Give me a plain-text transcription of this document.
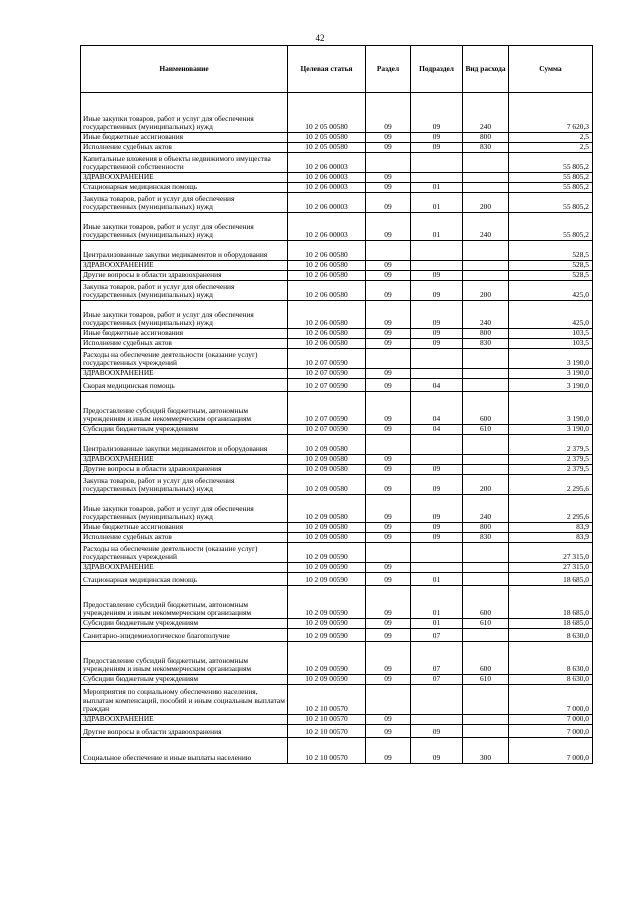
42
Наименование	Целевая статья	Раздел	Подраздел	Вид расхода	Сумма
Иные закупки товаров, работ и услуг для обеспечения государственных (муниципальных) нужд	10 2 05 00580	09	09	240	7 620,3
Иные бюджетные ассигнования	10 2 05 00580	09	09	800	2,5
Исполнение судебных актов	10 2 05 00580	09	09	830	2,5
Капитальные вложения в объекты недвижимого имущества государственной собственности	10 2 06 00003				55 805,2
ЗДРАВООХРАНЕНИЕ	10 2 06 00003	09			55 805,2
Стационарная медицинская помощь	10 2 06 00003	09	01		55 805,2
Закупка товаров, работ и услуг для обеспечения государственных (муниципальных) нужд	10 2 06 00003	09	01	200	55 805,2
Иные закупки товаров, работ и услуг для обеспечения государственных (муниципальных) нужд	10 2 06 00003	09	01	240	55 805,2
Централизованные закупки медикаментов и оборудования	10 2 06 00580				528,5
ЗДРАВООХРАНЕНИЕ	10 2 06 00580	09			528,5
Другие вопросы в области здравоохранения	10 2 06 00580	09	09		528,5
Закупка товаров, работ и услуг для обеспечения государственных (муниципальных) нужд	10 2 06 00580	09	09	200	425,0
Иные закупки товаров, работ и услуг для обеспечения государственных (муниципальных) нужд	10 2 06 00580	09	09	240	425,0
Иные бюджетные ассигнования	10 2 06 00580	09	09	800	103,5
Исполнение судебных актов	10 2 06 00580	09	09	830	103,5
Расходы на обеспечение деятельности (оказание услуг) государственных учреждений	10 2 07 00590				3 190,0
ЗДРАВООХРАНЕНИЕ	10 2 07 00590	09			3 190,0
Скорая медицинская помощь	10 2 07 00590	09	04		3 190,0
Предоставление субсидий бюджетным, автономным учреждениям и иным некоммерческим организациям	10 2 07 00590	09	04	600	3 190,0
Субсидии бюджетным учреждениям	10 2 07 00590	09	04	610	3 190,0
Централизованные закупки медикаментов и оборудования	10 2 09 00580				2 379,5
ЗДРАВООХРАНЕНИЕ	10 2 09 00580	09			2 379,5
Другие вопросы в области здравоохранения	10 2 09 00580	09	09		2 379,5
Закупка товаров, работ и услуг для обеспечения государственных (муниципальных) нужд	10 2 09 00580	09	09	200	2 295,6
Иные закупки товаров, работ и услуг для обеспечения государственных (муниципальных) нужд	10 2 09 00580	09	09	240	2 295,6
Иные бюджетные ассигнования	10 2 09 00580	09	09	800	83,9
Исполнение судебных актов	10 2 09 00580	09	09	830	83,9
Расходы на обеспечение деятельности (оказание услуг) государственных учреждений	10 2 09 00590				27 315,0
ЗДРАВООХРАНЕНИЕ	10 2 09 00590	09			27 315,0
Стационарная медицинская помощь	10 2 09 00590	09	01		18 685,0
Предоставление субсидий бюджетным, автономным учреждениям и иным некоммерческим организациям	10 2 09 00590	09	01	600	18 685,0
Субсидии бюджетным учреждениям	10 2 09 00590	09	01	610	18 685,0
Санитарно-эпидемиологическое благополучие	10 2 09 00590	09	07		8 630,0
Предоставление субсидий бюджетным, автономным учреждениям и иным некоммерческим организациям	10 2 09 00590	09	07	600	8 630,0
Субсидии бюджетным учреждениям	10 2 09 00590	09	07	610	8 630,0
Мероприятия по социальному обеспечению населения, выплатам компенсаций, пособий и иным социальным выплатам граждан	10 2 10 00570				7 000,0
ЗДРАВООХРАНЕНИЕ	10 2 10 00570	09			7 000,0
Другие вопросы в области здравоохранения	10 2 10 00570	09	09		7 000,0
Социальное обеспечение и иные выплаты населению	10 2 10 00570	09	09	300	7 000,0
